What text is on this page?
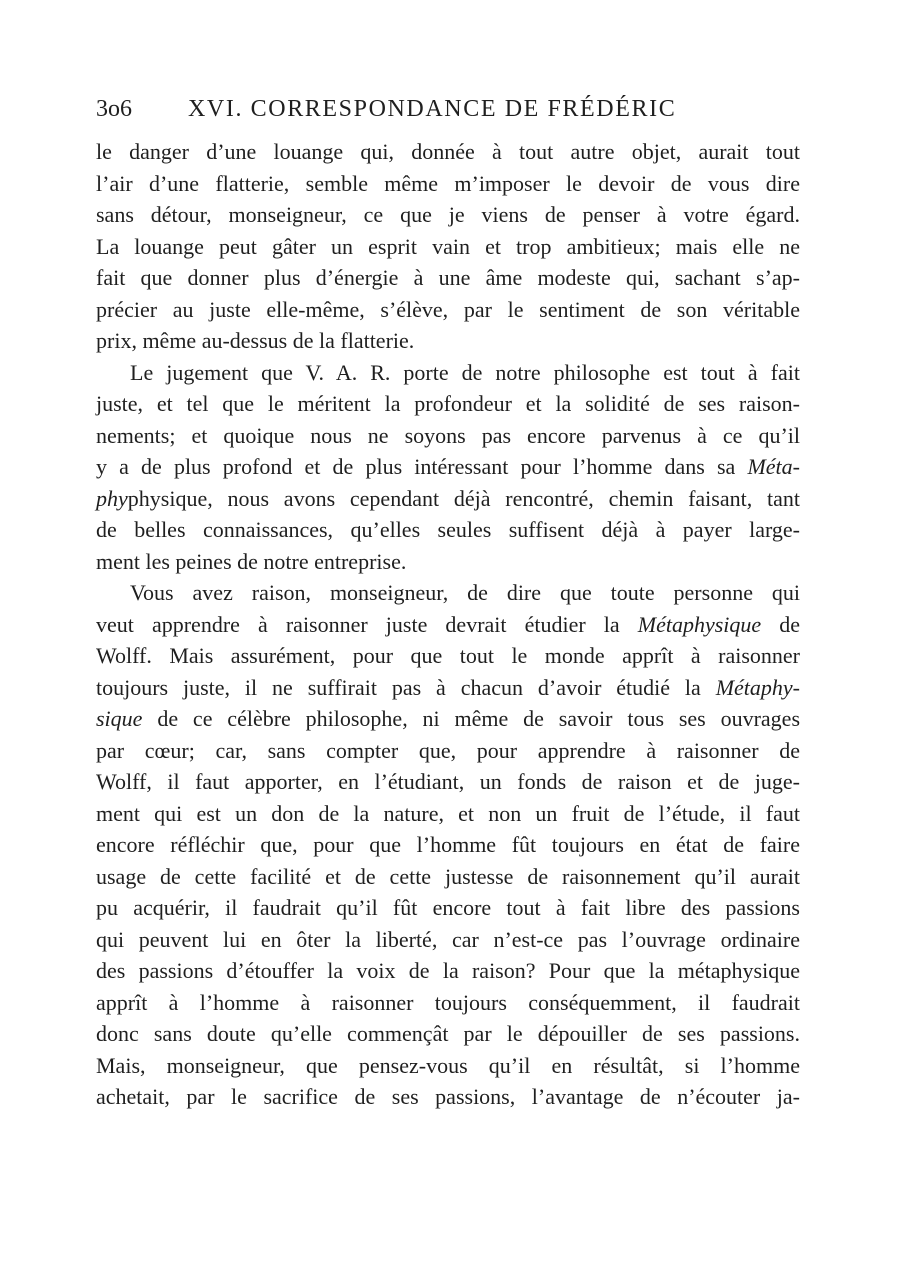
3o6	XVI. CORRESPONDANCE DE FRÉDÉRIC
le danger d’une louange qui, donnée à tout autre objet, aurait tout
l’air d’une flatterie, semble même m’imposer le devoir de vous dire
sans détour, monseigneur, ce que je viens de penser à votre égard.
La louange peut gâter un esprit vain et trop ambitieux; mais elle ne
fait que donner plus d’énergie à une âme modeste qui, sachant s’ap-
précier au juste elle-même, s’élève, par le sentiment de son véritable
prix, même au-dessus de la flatterie.
Le jugement que V. A. R. porte de notre philosophe est tout à fait
juste, et tel que le méritent la profondeur et la solidité de ses raison-
nements; et quoique nous ne soyons pas encore parvenus à ce qu’il
y a de plus profond et de plus intéressant pour l’homme dans sa Méta-
phyphysique, nous avons cependant déjà rencontré, chemin faisant, tant
de belles connaissances, qu’elles seules suffisent déjà à payer large-
ment les peines de notre entreprise.
Vous avez raison, monseigneur, de dire que toute personne qui
veut apprendre à raisonner juste devrait étudier la Métaphysique de
Wolff. Mais assurément, pour que tout le monde apprît à raisonner
toujours juste, il ne suffirait pas à chacun d’avoir étudié la Métaphy-
sique de ce célèbre philosophe, ni même de savoir tous ses ouvrages
par cœur; car, sans compter que, pour apprendre à raisonner de
Wolff, il faut apporter, en l’étudiant, un fonds de raison et de juge-
ment qui est un don de la nature, et non un fruit de l’étude, il faut
encore réfléchir que, pour que l’homme fût toujours en état de faire
usage de cette facilité et de cette justesse de raisonnement qu’il aurait
pu acquérir, il faudrait qu’il fût encore tout à fait libre des passions
qui peuvent lui en ôter la liberté, car n’est-ce pas l’ouvrage ordinaire
des passions d’étouffer la voix de la raison? Pour que la métaphysique
apprît à l’homme à raisonner toujours conséquemment, il faudrait
donc sans doute qu’elle commençât par le dépouiller de ses passions.
Mais, monseigneur, que pensez-vous qu’il en résultât, si l’homme
achetait, par le sacrifice de ses passions, l’avantage de n’écouter ja-
